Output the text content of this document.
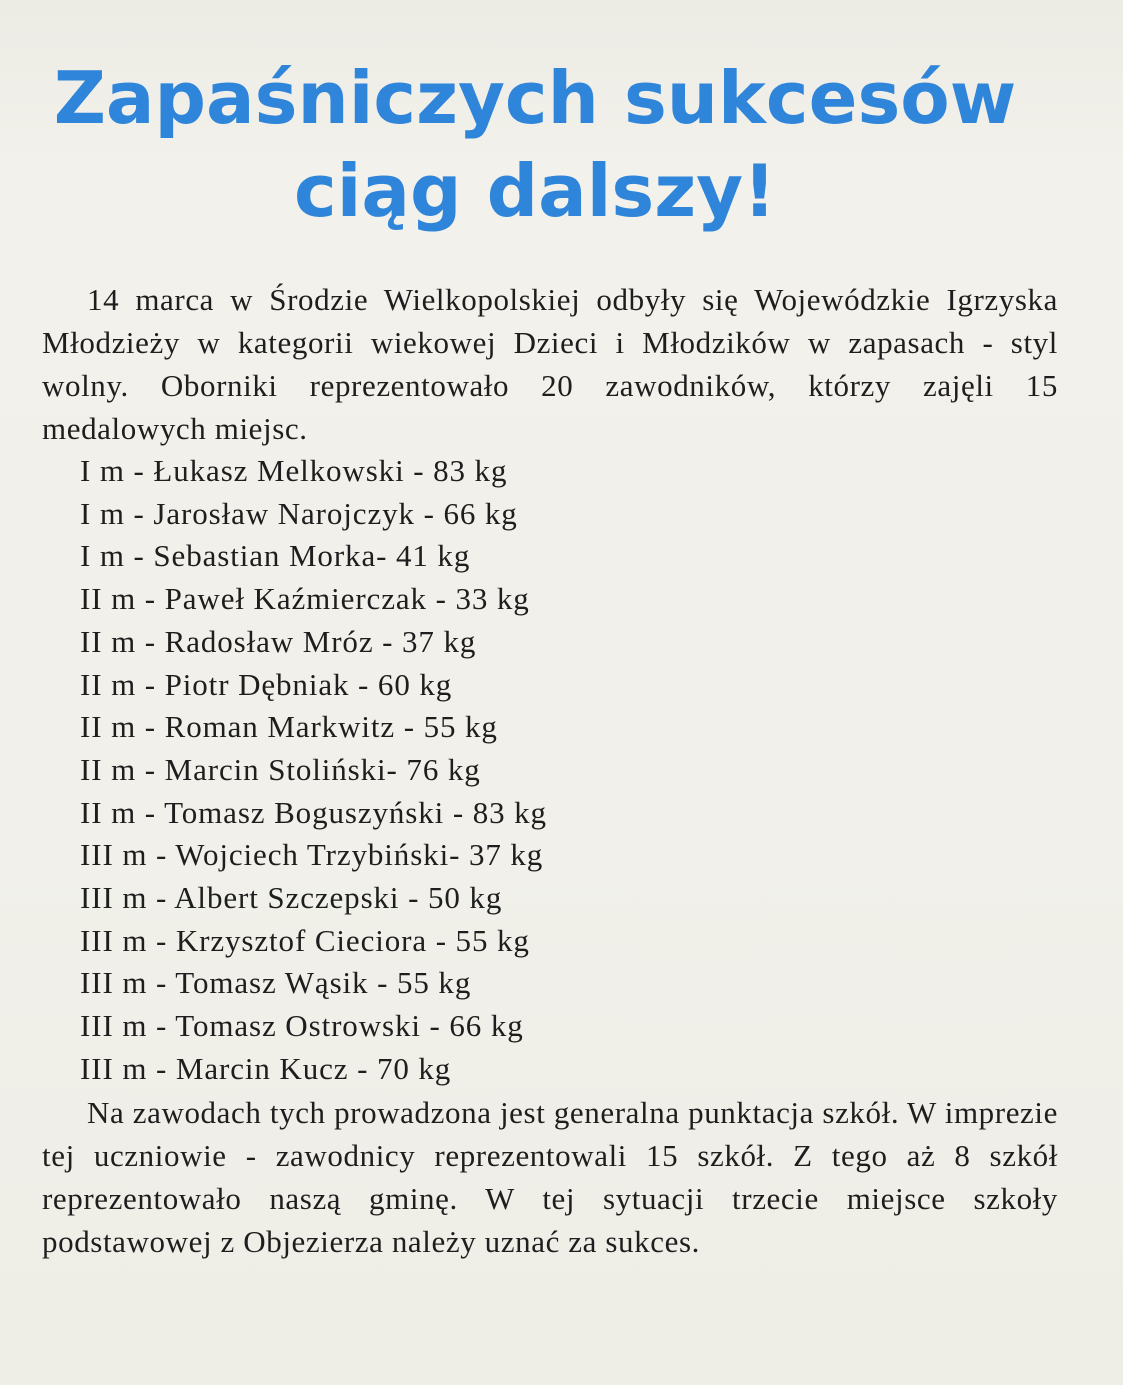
Zapaśniczych sukcesów
ciąg dalszy!

14 marca w Środzie Wielkopolskiej odbyły się Wojewódzkie Igrzyska Młodzieży w kategorii wiekowej Dzieci i Młodzików w zapasach - styl wolny. Oborniki reprezentowało 20 zawodników, którzy zajęli 15 medalowych miejsc.

I m - Łukasz Melkowski - 83 kg
I m - Jarosław Narojczyk - 66 kg
I m - Sebastian Morka- 41 kg
II m - Paweł Kaźmierczak - 33 kg
II m - Radosław Mróz - 37 kg
II m - Piotr Dębniak - 60 kg
II m - Roman Markwitz - 55 kg
II m - Marcin Stoliński- 76 kg
II m - Tomasz Boguszyński - 83 kg
III m - Wojciech Trzybiński- 37 kg
III m - Albert Szczepski - 50 kg
III m - Krzysztof Cieciora - 55 kg
III m - Tomasz Wąsik - 55 kg
III m - Tomasz Ostrowski - 66 kg
III m - Marcin Kucz - 70 kg

Na zawodach tych prowadzona jest generalna punktacja szkół. W imprezie tej uczniowie - zawodnicy reprezentowali 15 szkół. Z tego aż 8 szkół reprezentowało naszą gminę. W tej sytuacji trzecie miejsce szkoły podstawowej z Objezierza należy uznać za sukces.
